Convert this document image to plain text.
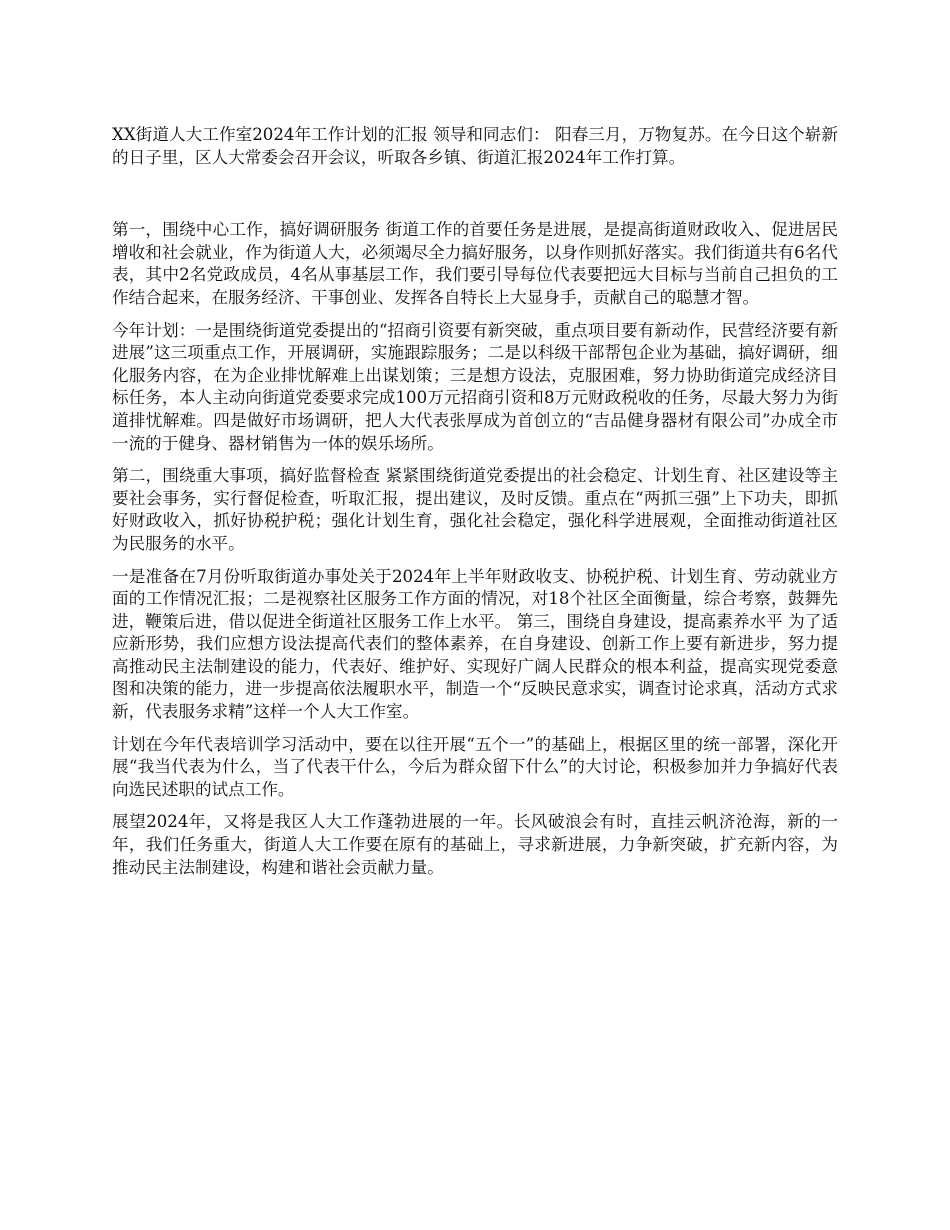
XX街道人大工作室2024年工作计划的汇报 领导和同志们： 阳春三月，万物复苏。在今日这个崭新的日子里，区人大常委会召开会议，听取各乡镇、街道汇报2024年工作打算。

第一，围绕中心工作，搞好调研服务 街道工作的首要任务是进展，是提高街道财政收入、促进居民增收和社会就业，作为街道人大，必须竭尽全力搞好服务，以身作则抓好落实。我们街道共有6名代表，其中2名党政成员，4名从事基层工作，我们要引导每位代表要把远大目标与当前自己担负的工作结合起来，在服务经济、干事创业、发挥各自特长上大显身手，贡献自己的聪慧才智。

今年计划：一是围绕街道党委提出的“招商引资要有新突破，重点项目要有新动作，民营经济要有新进展”这三项重点工作，开展调研，实施跟踪服务；二是以科级干部帮包企业为基础，搞好调研，细化服务内容，在为企业排忧解难上出谋划策；三是想方设法，克服困难，努力协助街道完成经济目标任务，本人主动向街道党委要求完成100万元招商引资和8万元财政税收的任务，尽最大努力为街道排忧解难。四是做好市场调研，把人大代表张厚成为首创立的“吉品健身器材有限公司”办成全市一流的于健身、器材销售为一体的娱乐场所。

第二，围绕重大事项，搞好监督检查 紧紧围绕街道党委提出的社会稳定、计划生育、社区建设等主要社会事务，实行督促检查，听取汇报，提出建议，及时反馈。重点在“两抓三强”上下功夫，即抓好财政收入，抓好协税护税；强化计划生育，强化社会稳定，强化科学进展观，全面推动街道社区为民服务的水平。

一是准备在7月份听取街道办事处关于2024年上半年财政收支、协税护税、计划生育、劳动就业方面的工作情况汇报；二是视察社区服务工作方面的情况，对18个社区全面衡量，综合考察，鼓舞先进，鞭策后进，借以促进全街道社区服务工作上水平。 第三，围绕自身建设，提高素养水平 为了适应新形势，我们应想方设法提高代表们的整体素养，在自身建设、创新工作上要有新进步，努力提高推动民主法制建设的能力，代表好、维护好、实现好广阔人民群众的根本利益，提高实现党委意图和决策的能力，进一步提高依法履职水平，制造一个“反映民意求实，调查讨论求真，活动方式求新，代表服务求精”这样一个人大工作室。

计划在今年代表培训学习活动中，要在以往开展“五个一”的基础上，根据区里的统一部署，深化开展“我当代表为什么，当了代表干什么，今后为群众留下什么”的大讨论，积极参加并力争搞好代表向选民述职的试点工作。

展望2024年，又将是我区人大工作蓬勃进展的一年。长风破浪会有时，直挂云帆济沧海，新的一年，我们任务重大，街道人大工作要在原有的基础上，寻求新进展，力争新突破，扩充新内容，为推动民主法制建设，构建和谐社会贡献力量。
